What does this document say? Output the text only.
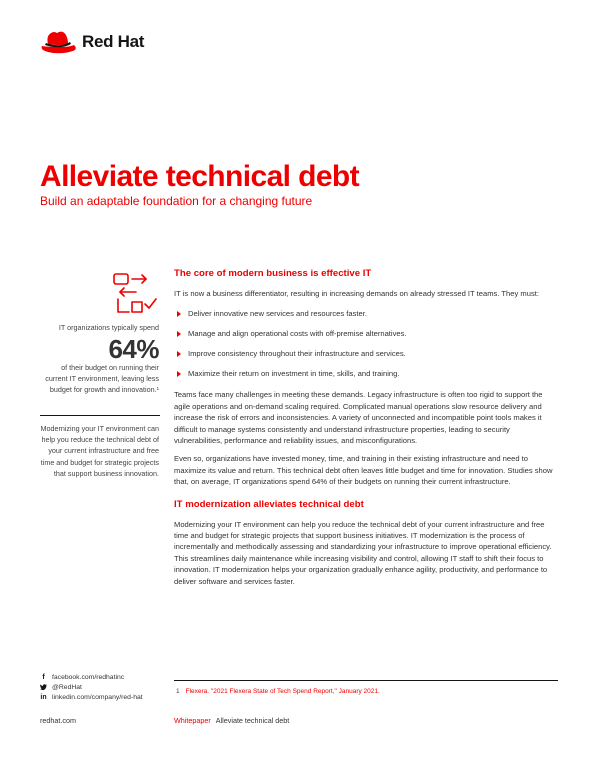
Red Hat
Alleviate technical debt
Build an adaptable foundation for a changing future
IT organizations typically spend
64%
of their budget on running their current IT environment, leaving less budget for growth and innovation.¹
Modernizing your IT environment can help you reduce the technical debt of your current infrastructure and free time and budget for strategic projects that support business innovation.
The core of modern business is effective IT

IT is now a business differentiator, resulting in increasing demands on already stressed IT teams. They must:

Deliver innovative new services and resources faster.
Manage and align operational costs with off-premise alternatives.
Improve consistency throughout their infrastructure and services.
Maximize their return on investment in time, skills, and training.

Teams face many challenges in meeting these demands. Legacy infrastructure is often too rigid to support the agile operations and on-demand scaling required. Complicated manual operations slow resource delivery and increase the risk of errors and inconsistencies. A variety of unconnected and incompatible point tools makes it difficult to manage systems consistently and understand infrastructure properties, leading to security vulnerabilities, performance and reliability issues, and misconfigurations.

Even so, organizations have invested money, time, and training in their existing infrastructure and need to maximize its value and return. This technical debt often leaves little budget and time for innovation. Studies show that, on average, IT organizations spend 64% of their budgets on running their current infrastructure.

IT modernization alleviates technical debt

Modernizing your IT environment can help you reduce the technical debt of your current infrastructure and free time and budget for strategic projects that support business initiatives. IT modernization is the process of incrementally and methodically assessing and standardizing your infrastructure to improve operational efficiency. This streamlines daily maintenance while increasing visibility and control, allowing IT staff to shift their focus to innovation. IT modernization helps your organization gradually enhance agility, productivity, and performance to deliver software and services faster.

f	facebook.com/redhatinc
@RedHat
in linkedin.com/company/red-hat
1 Flexera. "2021 Flexera State of Tech Spend Report," January 2021.
redhat.com	Whitepaper Alleviate technical debt
